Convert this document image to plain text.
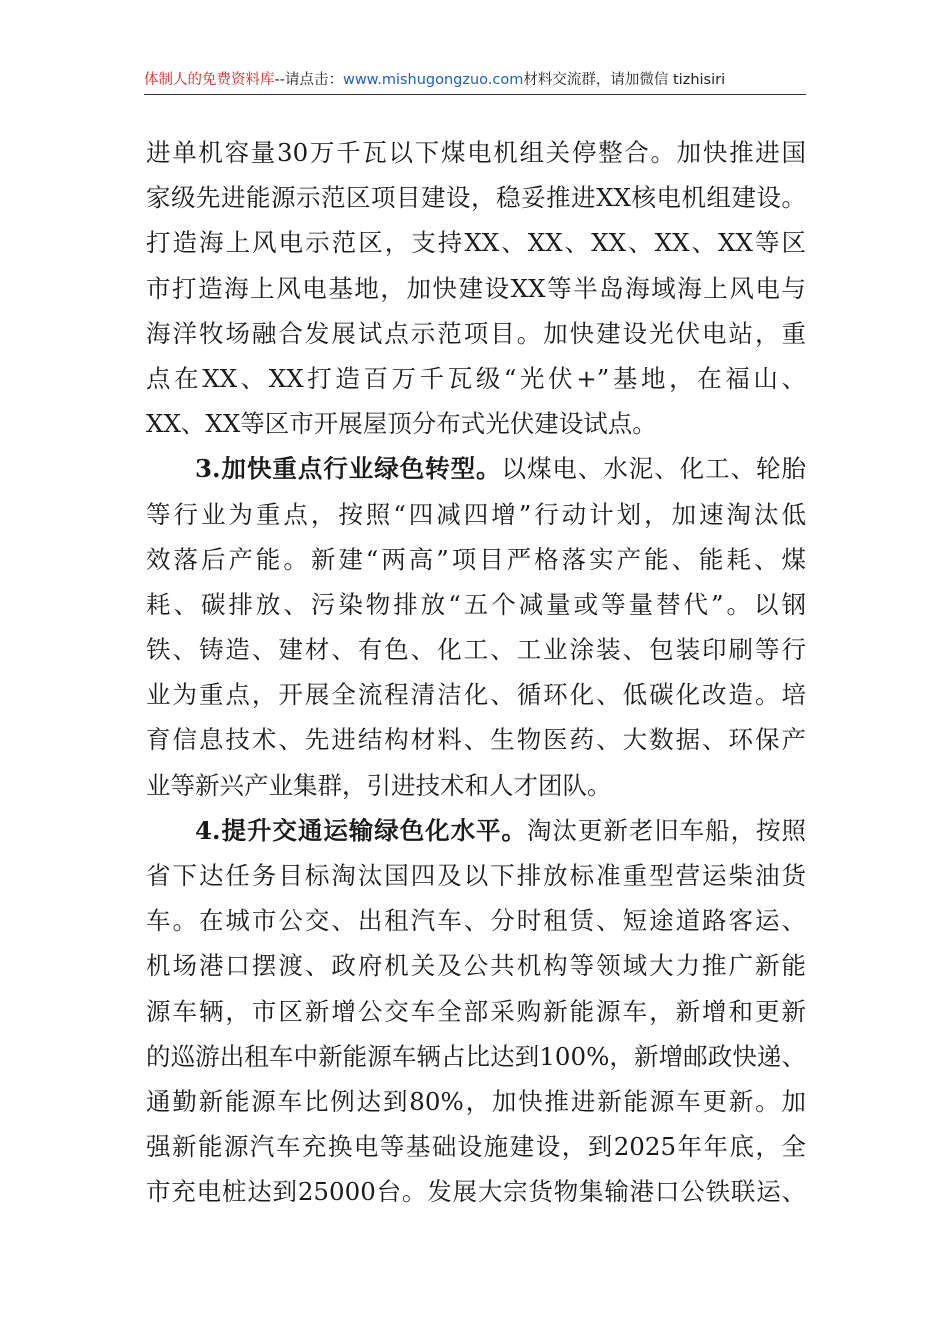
体制人的免费资料库--请点击：www.mishugongzuo.com材料交流群，请加微信 tizhisiri
进单机容量30万千瓦以下煤电机组关停整合。加快推进国
家级先进能源示范区项目建设，稳妥推进XX核电机组建设。
打造海上风电示范区，支持XX、XX、XX、XX、XX等区
市打造海上风电基地，加快建设XX等半岛海域海上风电与
海洋牧场融合发展试点示范项目。加快建设光伏电站，重
点在XX、XX打造百万千瓦级“光伏+”基地，在福山、
XX、XX等区市开展屋顶分布式光伏建设试点。
3.加快重点行业绿色转型。以煤电、水泥、化工、轮胎
等行业为重点，按照“四减四增”行动计划，加速淘汰低
效落后产能。新建“两高”项目严格落实产能、能耗、煤
耗、碳排放、污染物排放“五个减量或等量替代”。以钢
铁、铸造、建材、有色、化工、工业涂装、包装印刷等行
业为重点，开展全流程清洁化、循环化、低碳化改造。培
育信息技术、先进结构材料、生物医药、大数据、环保产
业等新兴产业集群，引进技术和人才团队。
4.提升交通运输绿色化水平。淘汰更新老旧车船，按照
省下达任务目标淘汰国四及以下排放标准重型营运柴油货
车。在城市公交、出租汽车、分时租赁、短途道路客运、
机场港口摆渡、政府机关及公共机构等领域大力推广新能
源车辆，市区新增公交车全部采购新能源车，新增和更新
的巡游出租车中新能源车辆占比达到100%，新增邮政快递、
通勤新能源车比例达到80%，加快推进新能源车更新。加
强新能源汽车充换电等基础设施建设，到2025年年底，全
市充电桩达到25000台。发展大宗货物集输港口公铁联运、
